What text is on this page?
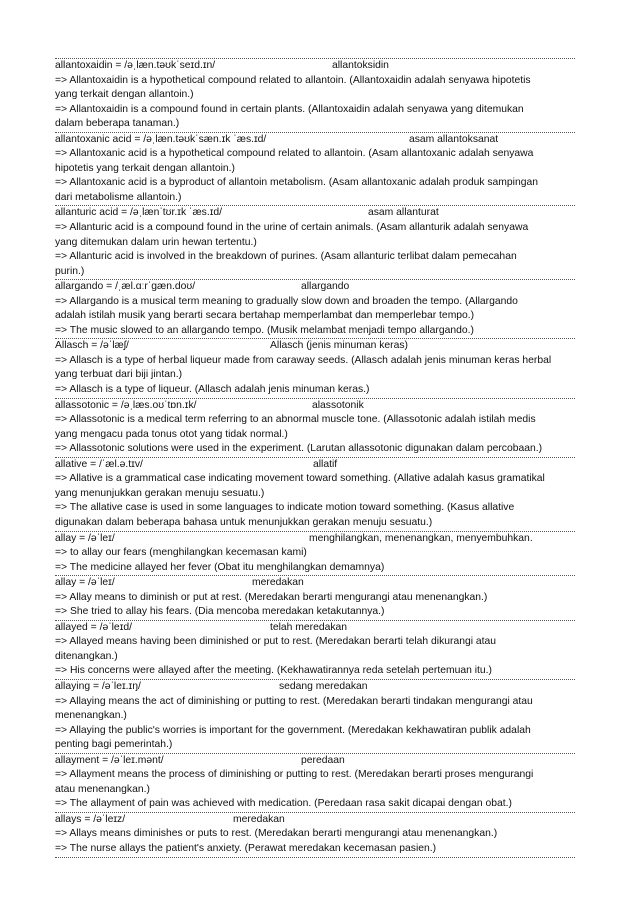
allantoxaidin = /əˌlæn.təʊkˈseɪd.ɪn/	allantoksidin
=> Allantoxaidin is a hypothetical compound related to allantoin. (Allantoxaidin adalah senyawa hipotetis
yang terkait dengan allantoin.)
=> Allantoxaidin is a compound found in certain plants. (Allantoxaidin adalah senyawa yang ditemukan
dalam beberapa tanaman.)
allantoxanic acid = /əˌlæn.təʊkˈsæn.ɪk ˈæs.ɪd/	asam allantoksanat
=> Allantoxanic acid is a hypothetical compound related to allantoin. (Asam allantoxanic adalah senyawa
hipotetis yang terkait dengan allantoin.)
=> Allantoxanic acid is a byproduct of allantoin metabolism. (Asam allantoxanic adalah produk sampingan
dari metabolisme allantoin.)
allanturic acid = /əˌlænˈtʊr.ɪk ˈæs.ɪd/	asam allanturat
=> Allanturic acid is a compound found in the urine of certain animals. (Asam allanturik adalah senyawa
yang ditemukan dalam urin hewan tertentu.)
=> Allanturic acid is involved in the breakdown of purines. (Asam allanturic terlibat dalam pemecahan
purin.)
allargando = /ˌæl.ɑːrˈɡæn.doʊ/	allargando
=> Allargando is a musical term meaning to gradually slow down and broaden the tempo. (Allargando
adalah istilah musik yang berarti secara bertahap memperlambat dan memperlebar tempo.)
=> The music slowed to an allargando tempo. (Musik melambat menjadi tempo allargando.)
Allasch = /əˈlæʃ/	Allasch (jenis minuman keras)
=> Allasch is a type of herbal liqueur made from caraway seeds. (Allasch adalah jenis minuman keras herbal
yang terbuat dari biji jintan.)
=> Allasch is a type of liqueur. (Allasch adalah jenis minuman keras.)
allassotonic = /əˌlæs.oʊˈtɒn.ɪk/	alassotonik
=> Allassotonic is a medical term referring to an abnormal muscle tone. (Allassotonic adalah istilah medis
yang mengacu pada tonus otot yang tidak normal.)
=> Allassotonic solutions were used in the experiment. (Larutan allassotonic digunakan dalam percobaan.)
allative = /ˈæl.ə.tɪv/	allatif
=> Allative is a grammatical case indicating movement toward something. (Allative adalah kasus gramatikal
yang menunjukkan gerakan menuju sesuatu.)
=> The allative case is used in some languages to indicate motion toward something. (Kasus allative
digunakan dalam beberapa bahasa untuk menunjukkan gerakan menuju sesuatu.)
allay = /əˈleɪ/	menghilangkan, menenangkan, menyembuhkan.
=> to allay our fears (menghilangkan kecemasan kami)
=> The medicine allayed her fever (Obat itu menghilangkan demamnya)
allay = /əˈleɪ/	meredakan
=> Allay means to diminish or put at rest. (Meredakan berarti mengurangi atau menenangkan.)
=> She tried to allay his fears. (Dia mencoba meredakan ketakutannya.)
allayed = /əˈleɪd/	telah meredakan
=> Allayed means having been diminished or put to rest. (Meredakan berarti telah dikurangi atau
ditenangkan.)
=> His concerns were allayed after the meeting. (Kekhawatirannya reda setelah pertemuan itu.)
allaying = /əˈleɪ.ɪŋ/	sedang meredakan
=> Allaying means the act of diminishing or putting to rest. (Meredakan berarti tindakan mengurangi atau
menenangkan.)
=> Allaying the public's worries is important for the government. (Meredakan kekhawatiran publik adalah
penting bagi pemerintah.)
allayment = /əˈleɪ.mənt/	peredaan
=> Allayment means the process of diminishing or putting to rest. (Meredakan berarti proses mengurangi
atau menenangkan.)
=> The allayment of pain was achieved with medication. (Peredaan rasa sakit dicapai dengan obat.)
allays = /əˈleɪz/	meredakan
=> Allays means diminishes or puts to rest. (Meredakan berarti mengurangi atau menenangkan.)
=> The nurse allays the patient's anxiety. (Perawat meredakan kecemasan pasien.)
